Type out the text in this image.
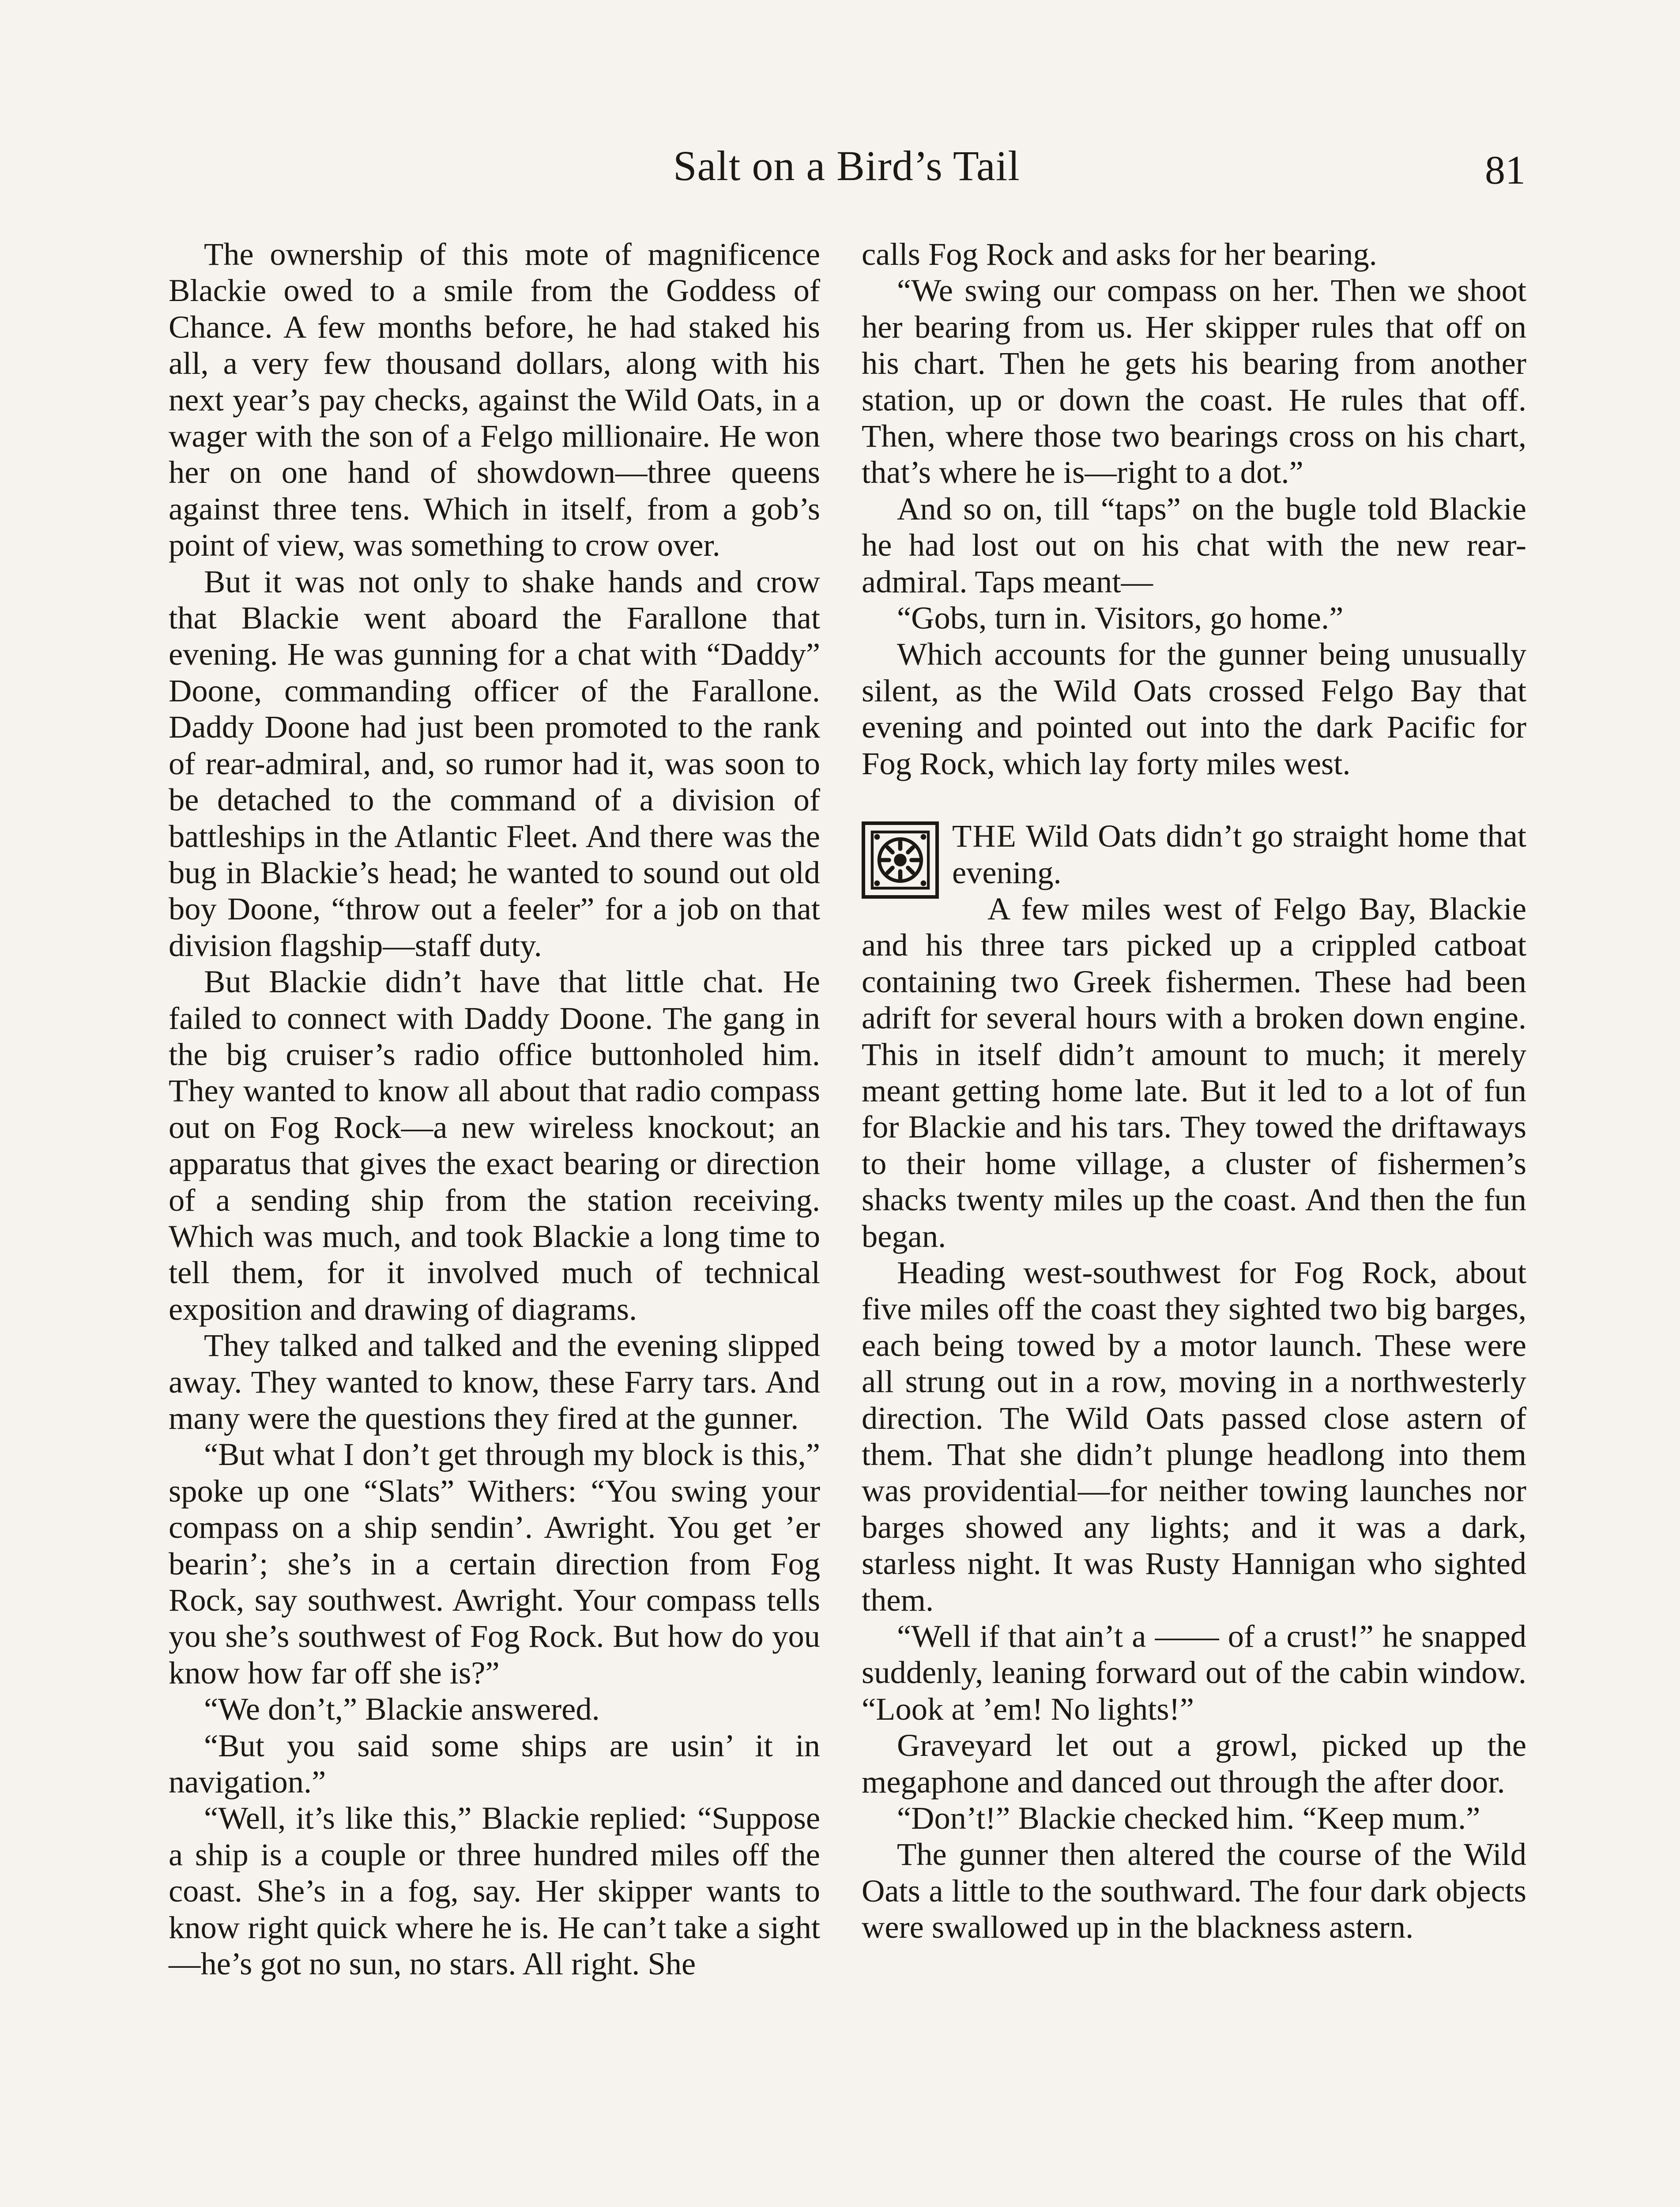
Salt on a Bird’s Tail	81

The ownership of this mote of magnificence Blackie owed to a smile from the Goddess of Chance. A few months before, he had staked his all, a very few thousand dollars, along with his next year’s pay checks, against the Wild Oats, in a wager with the son of a Felgo millionaire. He won her on one hand of showdown—three queens against three tens. Which in itself, from a gob’s point of view, was something to crow over.

But it was not only to shake hands and crow that Blackie went aboard the Farallone that evening. He was gunning for a chat with “Daddy” Doone, commanding officer of the Farallone. Daddy Doone had just been promoted to the rank of rear-admiral, and, so rumor had it, was soon to be detached to the command of a division of battleships in the Atlantic Fleet. And there was the bug in Blackie’s head; he wanted to sound out old boy Doone, “throw out a feeler” for a job on that division flagship—staff duty.

But Blackie didn’t have that little chat. He failed to connect with Daddy Doone. The gang in the big cruiser’s radio office buttonholed him. They wanted to know all about that radio compass out on Fog Rock—a new wireless knockout; an apparatus that gives the exact bearing or direction of a sending ship from the station receiving. Which was much, and took Blackie a long time to tell them, for it involved much of technical exposition and drawing of diagrams.

They talked and talked and the evening slipped away. They wanted to know, these Farry tars. And many were the questions they fired at the gunner.

“But what I don’t get through my block is this,” spoke up one “Slats” Withers: “You swing your compass on a ship sendin’. Awright. You get ’er bearin’; she’s in a certain direction from Fog Rock, say southwest. Awright. Your compass tells you she’s southwest of Fog Rock. But how do you know how far off she is?”

“We don’t,” Blackie answered.

“But you said some ships are usin’ it in navigation.”

“Well, it’s like this,” Blackie replied: “Suppose a ship is a couple or three hundred miles off the coast. She’s in a fog, say. Her skipper wants to know right quick where he is. He can’t take a sight—he’s got no sun, no stars. All right. She

calls Fog Rock and asks for her bearing.

“We swing our compass on her. Then we shoot her bearing from us. Her skipper rules that off on his chart. Then he gets his bearing from another station, up or down the coast. He rules that off. Then, where those two bearings cross on his chart, that’s where he is—right to a dot.”

And so on, till “taps” on the bugle told Blackie he had lost out on his chat with the new rear-admiral. Taps meant—

“Gobs, turn in. Visitors, go home.”

Which accounts for the gunner being unusually silent, as the Wild Oats crossed Felgo Bay that evening and pointed out into the dark Pacific for Fog Rock, which lay forty miles west.

THE Wild Oats didn’t go straight home that evening.
A few miles west of Felgo Bay, Blackie and his three tars picked up a crippled catboat containing two Greek fishermen. These had been adrift for several hours with a broken down engine. This in itself didn’t amount to much; it merely meant getting home late. But it led to a lot of fun for Blackie and his tars. They towed the driftaways to their home village, a cluster of fishermen’s shacks twenty miles up the coast. And then the fun began.

Heading west-southwest for Fog Rock, about five miles off the coast they sighted two big barges, each being towed by a motor launch. These were all strung out in a row, moving in a northwesterly direction. The Wild Oats passed close astern of them. That she didn’t plunge headlong into them was providential—for neither towing launches nor barges showed any lights; and it was a dark, starless night. It was Rusty Hannigan who sighted them.

“Well if that ain’t a —— of a crust!” he snapped suddenly, leaning forward out of the cabin window. “Look at ’em! No lights!”

Graveyard let out a growl, picked up the megaphone and danced out through the after door.

“Don’t!” Blackie checked him. “Keep mum.”

The gunner then altered the course of the Wild Oats a little to the southward. The four dark objects were swallowed up in the blackness astern.
